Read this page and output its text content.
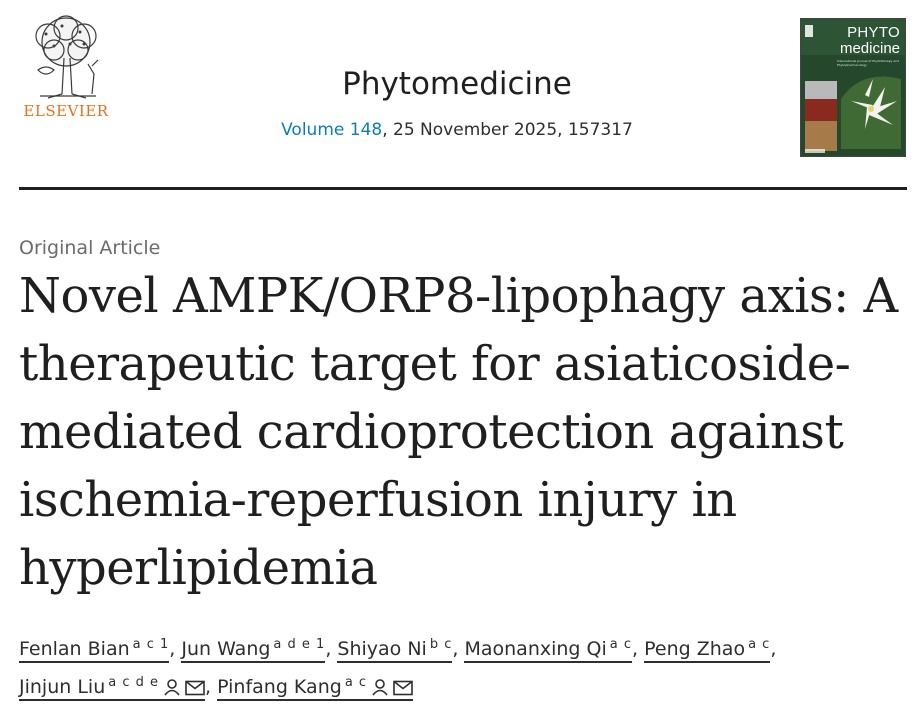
ELSEVIER
Phytomedicine
Volume 148, 25 November 2025, 157317
PHYTO
medicine
International Journal of Phytotherapy and Phytopharmacology
Original Article
Novel AMPK/ORP8-lipophagy axis: A therapeutic target for asiaticoside-mediated cardioprotection against ischemia-reperfusion injury in hyperlipidemia
Fenlan Bian $^{a c 1}$, Jun Wang $^{a d e 1}$, Shiyao Ni $^{b c}$, Maonanxing Qi $^{a c}$, Peng Zhao $^{a c}$,
Jinjun Liu $^{a c d e}$ , Pinfang Kang $^{a c}$
